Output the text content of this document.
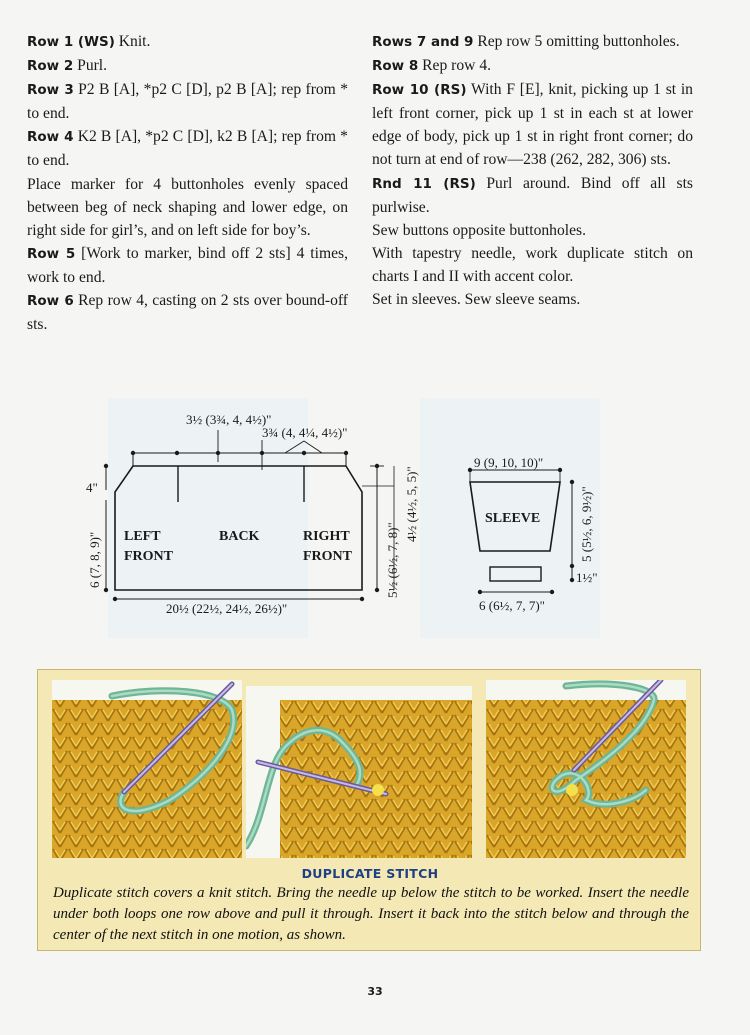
Row 1 (WS) Knit.

Row 2 Purl.

Row 3 P2 B [A], *p2 C [D], p2 B [A]; rep from * to end.

Row 4 K2 B [A], *p2 C [D], k2 B [A]; rep from * to end.

Place marker for 4 buttonholes evenly spaced between beg of neck shaping and lower edge, on right side for girl’s, and on left side for boy’s.

Row 5 [Work to marker, bind off 2 sts] 4 times, work to end.

Row 6 Rep row 4, casting on 2 sts over bound-off sts.

Rows 7 and 9 Rep row 5 omitting buttonholes.

Row 8 Rep row 4.

Row 10 (RS) With F [E], knit, picking up 1 st in left front corner, pick up 1 st in each st at lower edge of body, pick up 1 st in right front corner; do not turn at end of row—238 (262, 282, 306) sts.

Rnd 11 (RS) Purl around. Bind off all sts purlwise.

Sew buttons opposite buttonholes.

With tapestry needle, work duplicate stitch on charts I and II with accent color.

Set in sleeves. Sew sleeve seams.

3½ (3¾, 4, 4½)"
3¾ (4, 4¼, 4½)"
4"
6 (7, 8, 9)" LEFT
FRONT
BACK	RIGHT
FRONT
20½ (22½, 24½, 26½)"
5½ (6½, 7, 8)"
4½ (4½, 5, 5)"
9 (9, 10, 10)"
SLEEVE	5 (5½, 6, 9½)"
1½"
6 (6½, 7, 7)"
DUPLICATE STITCH
Duplicate stitch covers a knit stitch. Bring the needle up below the stitch to be worked. Insert the needle under both loops one row above and pull it through. Insert it back into the stitch below and through the center of the next stitch in one motion, as shown.
33
